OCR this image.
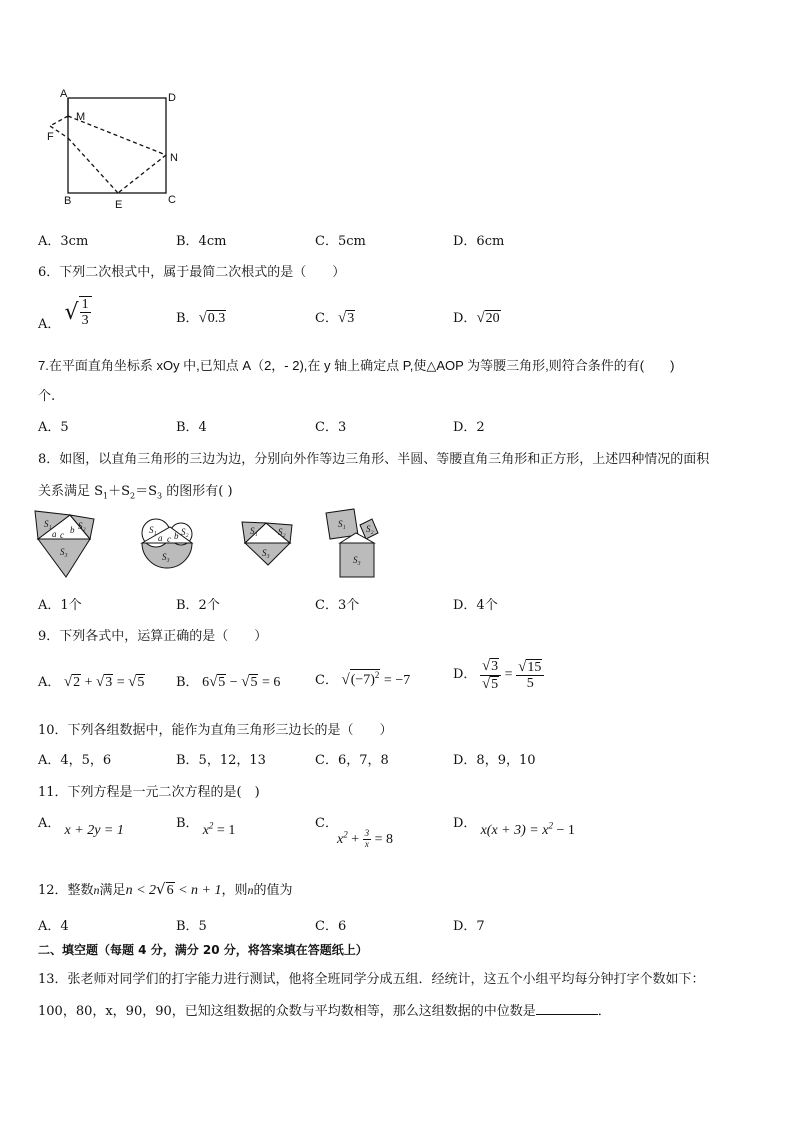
A	D
M
F
N
B	E	C
A．3cm	B．4cm	C．5cm	D．6cm
6．下列二次根式中，属于最简二次根式的是（　　）
A． √ $\frac{1}{3}$	B．√0.3	C．√3	D．√20
7.在平面直角坐标系 xOy 中,已知点 A（2，- 2),在 y 轴上确定点 P,使△AOP 为等腰三角形,则符合条件的有(　　)
个.
A．5	B．4	C．3	D．2
8．如图，以直角三角形的三边为边，分别向外作等边三角形、半圆、等腰直角三角形和正方形，上述四种情况的面积
关系满足 $S_1+S_2=S_3$ 的图形有( )
S₁	S₂
S₃
a b
c	S₁	S₂
S₃
a b
c
S₁ S₂
S₃
S₁ S₂
S₃
A．1个	B．2个	C．3个	D．4个
9．下列各式中，运算正确的是（　　）
A． √2 + √3 = √5 B． 6√5 − √5 = 6	C． $√(-7)^2 = -7$	D． $\frac{√3}{√5} = \frac{√15}{5}$
10．下列各组数据中，能作为直角三角形三边长的是（　　）
A．4，5，6	B．5，12，13	C．6，7，8	D．8，9，10
11．下列方程是一元二次方程的是(　)
A． x + 2y = 1	B． $x^2 = 1$	C．
$x^2 + \frac{3}{x} = 8$
D． $x(x + 3) = x^2 - 1$
12．整数n满足n < 2√6 < n + 1，则n的值为
A．4	B．5	C．6	D．7
二、填空题（每题 4 分，满分 20 分，将答案填在答题纸上）
13．张老师对同学们的打字能力进行测试，他将全班同学分成五组．经统计，这五个小组平均每分钟打字个数如下：
100，80，x，90，90，已知这组数据的众数与平均数相等，那么这组数据的中位数是	．
